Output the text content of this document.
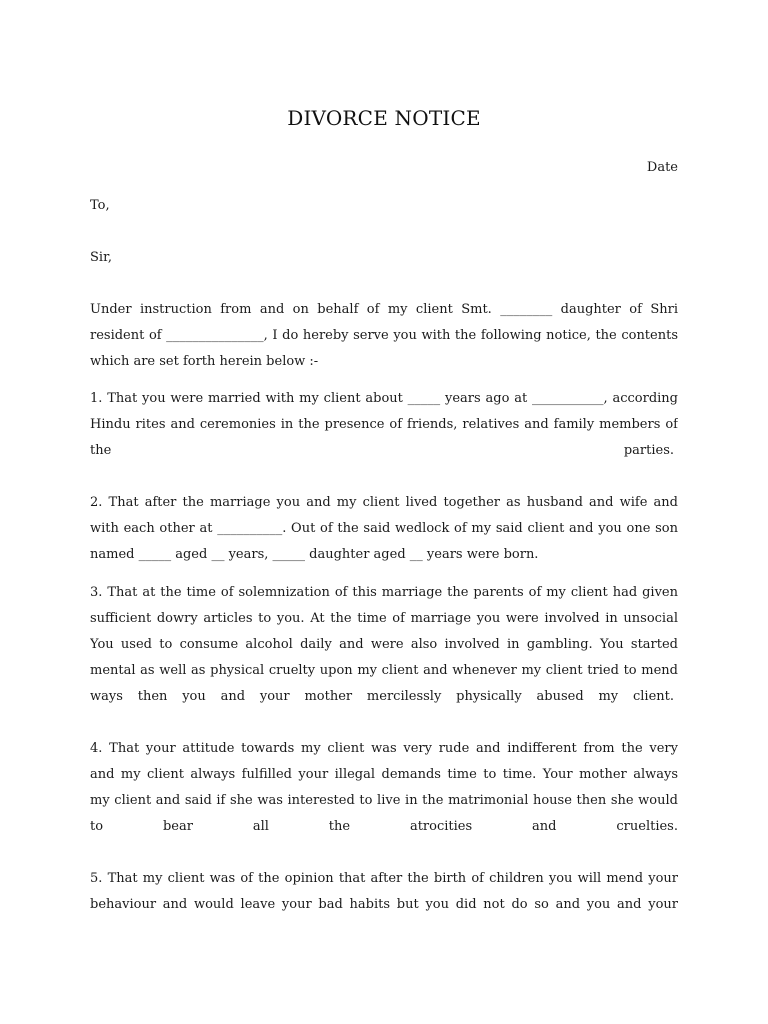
DIVORCE NOTICE
Date
To,
Sir,
Under instruction from and on behalf of my client Smt. ________ daughter of Shri
resident of _______________, I do hereby serve you with the following notice, the contents
which are set forth herein below :-
1. That you were married with my client about _____ years ago at ___________, according
Hindu rites and ceremonies in the presence of friends, relatives and family members of
the parties.
2. That after the marriage you and my client lived together as husband and wife and
with each other at __________. Out of the said wedlock of my said client and you one son
named _____ aged __ years, _____ daughter aged __ years were born.
3. That at the time of solemnization of this marriage the parents of my client had given
sufficient dowry articles to you. At the time of marriage you were involved in unsocial
You used to consume alcohol daily and were also involved in gambling. You started
mental as well as physical cruelty upon my client and whenever my client tried to mend
ways then you and your mother mercilessly physically abused my client.
4. That your attitude towards my client was very rude and indifferent from the very
and my client always fulfilled your illegal demands time to time. Your mother always
my client and said if she was interested to live in the matrimonial house then she would
to bear all the atrocities and cruelties.
5. That my client was of the opinion that after the birth of children you will mend your
behaviour and would leave your bad habits but you did not do so and you and your
